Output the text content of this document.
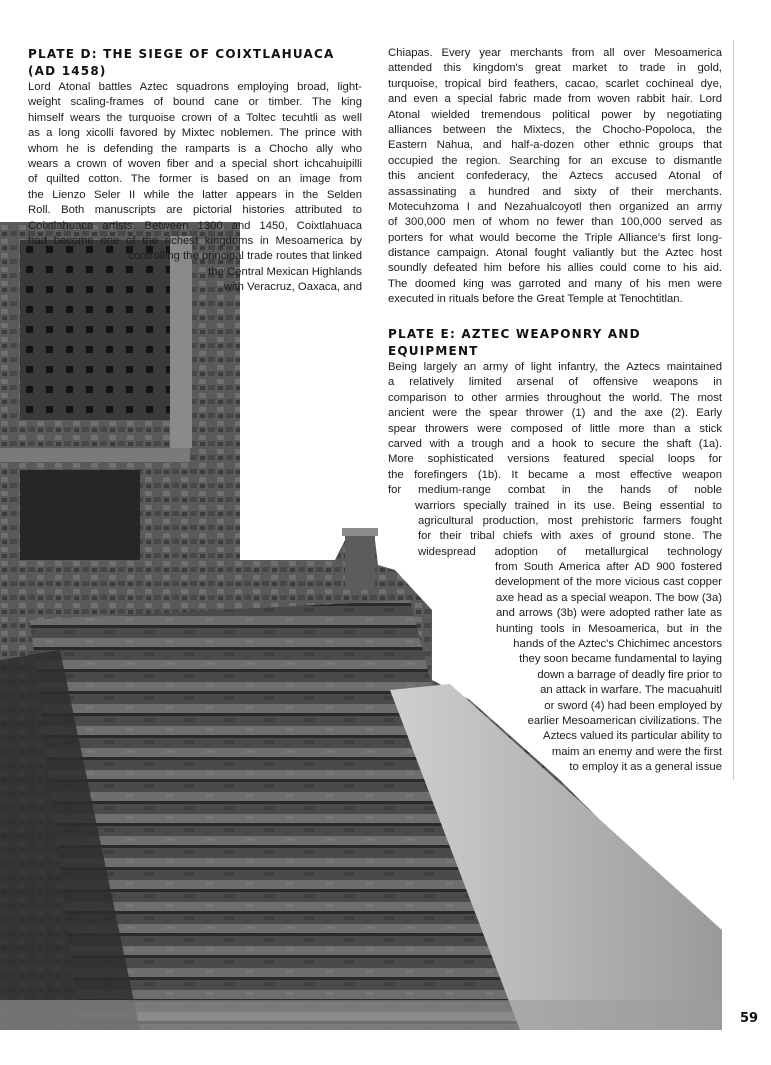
PLATE D: THE SIEGE OF COIXTLAHUACA
(AD 1458)
Lord Atonal battles Aztec squadrons employing broad, light-
weight scaling-frames of bound cane or timber. The king
himself wears the turquoise crown of a Toltec tecuhtli as well
as a long xicolli favored by Mixtec noblemen. The prince with
whom he is defending the ramparts is a Chocho ally who
wears a crown of woven fiber and a special short ichcahuipilli
of quilted cotton. The former is based on an image from
the Lienzo Seler II while the latter appears in the Selden
Roll. Both manuscripts are pictorial histories attributed to
Coixtlahuaca artists. Between 1300 and 1450, Coixtlahuaca
had become one of the richest kingdoms in Mesoamerica by
controlling the principal trade routes that linked
the Central Mexican Highlands
with Veracruz, Oaxaca, and
Chiapas. Every year merchants from all over Mesoamerica
attended this kingdom's great market to trade in gold,
turquoise, tropical bird feathers, cacao, scarlet cochineal dye,
and even a special fabric made from woven rabbit hair. Lord
Atonal wielded tremendous political power by negotiating
alliances between the Mixtecs, the Chocho-Popoloca, the
Eastern Nahua, and half-a-dozen other ethnic groups that
occupied the region. Searching for an excuse to dismantle
this ancient confederacy, the Aztecs accused Atonal of
assassinating a hundred and sixty of their merchants.
Motecuhzoma I and Nezahualcoyotl then organized an army
of 300,000 men of whom no fewer than 100,000 served as
porters for what would become the Triple Alliance's first long-
distance campaign. Atonal fought valiantly but the Aztec host
soundly defeated him before his allies could come to his aid.
The doomed king was garroted and many of his men were
executed in rituals before the Great Temple at Tenochtitlan.
PLATE E: AZTEC WEAPONRY AND
EQUIPMENT
Being largely an army of light infantry, the Aztecs maintained
a relatively limited arsenal of offensive weapons in
comparison to other armies throughout the world. The most
ancient were the spear thrower (1) and the axe (2). Early
spear throwers were composed of little more than a stick
carved with a trough and a hook to secure the shaft (1a).
More sophisticated versions featured special loops for
the forefingers (1b). It became a most effective weapon
for medium-range combat in the hands of noble
warriors specially trained in its use. Being essential to
agricultural production, most prehistoric farmers fought
for their tribal chiefs with axes of ground stone. The
widespread adoption of metallurgical technology
from South America after AD 900 fostered
development of the more vicious cast copper
axe head as a special weapon. The bow (3a)
and arrows (3b) were adopted rather late as
hunting tools in Mesoamerica, but in the
hands of the Aztec's Chichimec ancestors
they soon became fundamental to laying
down a barrage of deadly fire prior to
an attack in warfare. The macuahuitl
or sword (4) had been employed by
earlier Mesoamerican civilizations. The
Aztecs valued its particular ability to
maim an enemy and were the first
to employ it as a general issue
59
